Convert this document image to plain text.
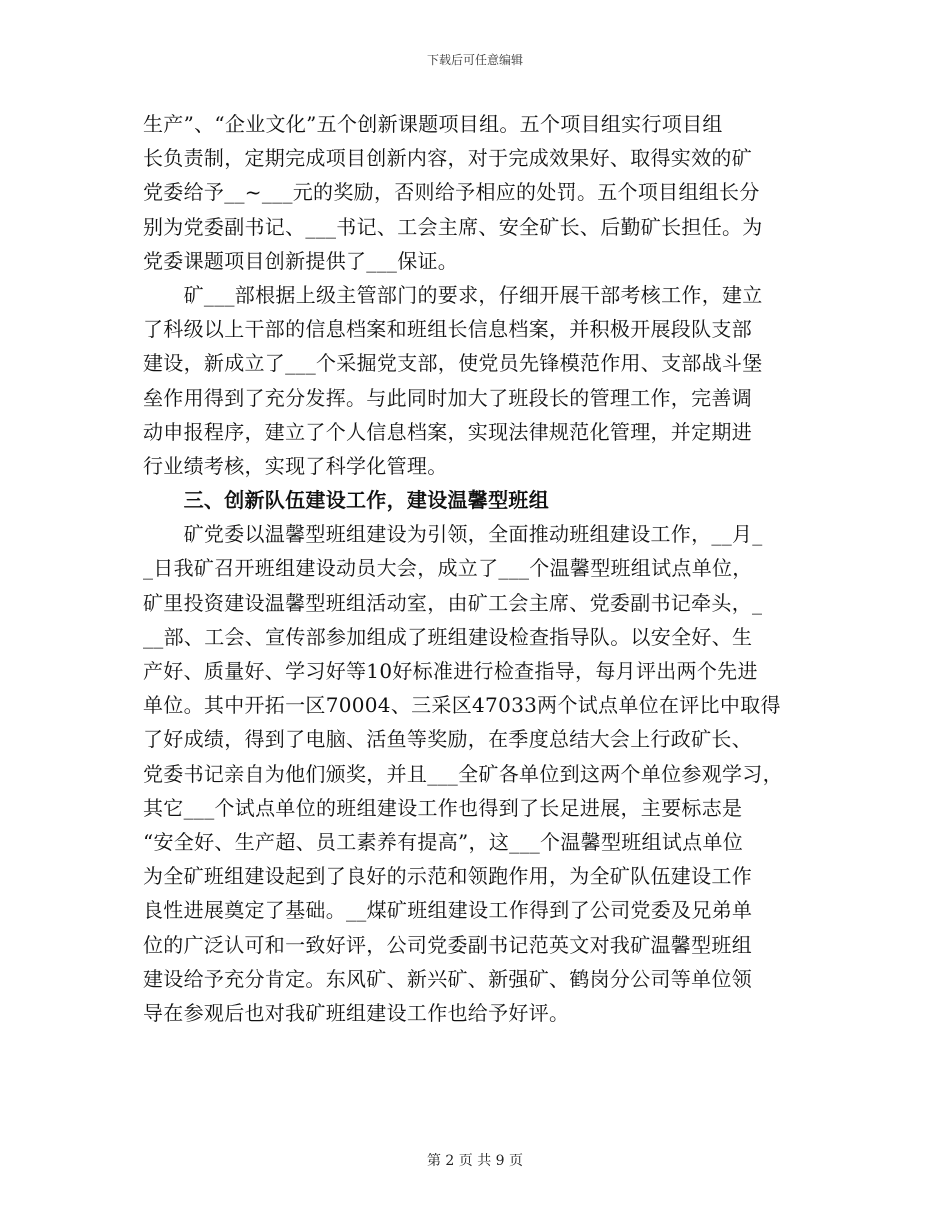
下载后可任意编辑
生产”、“企业文化”五个创新课题项目组。五个项目组实行项目组
长负责制，定期完成项目创新内容，对于完成效果好、取得实效的矿
党委给予__~___元的奖励，否则给予相应的处罚。五个项目组组长分
别为党委副书记、___书记、工会主席、安全矿长、后勤矿长担任。为
党委课题项目创新提供了___保证。
　　矿___部根据上级主管部门的要求，仔细开展干部考核工作，建立
了科级以上干部的信息档案和班组长信息档案，并积极开展段队支部
建设，新成立了___个采掘党支部，使党员先锋模范作用、支部战斗堡
垒作用得到了充分发挥。与此同时加大了班段长的管理工作，完善调
动申报程序，建立了个人信息档案，实现法律规范化管理，并定期进
行业绩考核，实现了科学化管理。
　　三、创新队伍建设工作，建设温馨型班组
　　矿党委以温馨型班组建设为引领，全面推动班组建设工作，__月_
_日我矿召开班组建设动员大会，成立了___个温馨型班组试点单位，
矿里投资建设温馨型班组活动室，由矿工会主席、党委副书记牵头，_
__部、工会、宣传部参加组成了班组建设检查指导队。以安全好、生
产好、质量好、学习好等10好标准进行检查指导，每月评出两个先进
单位。其中开拓一区70004、三采区47033两个试点单位在评比中取得
了好成绩，得到了电脑、活鱼等奖励，在季度总结大会上行政矿长、
党委书记亲自为他们颁奖，并且___全矿各单位到这两个单位参观学习，
其它___个试点单位的班组建设工作也得到了长足进展，主要标志是
“安全好、生产超、员工素养有提高”，这___个温馨型班组试点单位
为全矿班组建设起到了良好的示范和领跑作用，为全矿队伍建设工作
良性进展奠定了基础。__煤矿班组建设工作得到了公司党委及兄弟单
位的广泛认可和一致好评，公司党委副书记范英文对我矿温馨型班组
建设给予充分肯定。东风矿、新兴矿、新强矿、鹤岗分公司等单位领
导在参观后也对我矿班组建设工作也给予好评。
第 2 页 共 9 页
